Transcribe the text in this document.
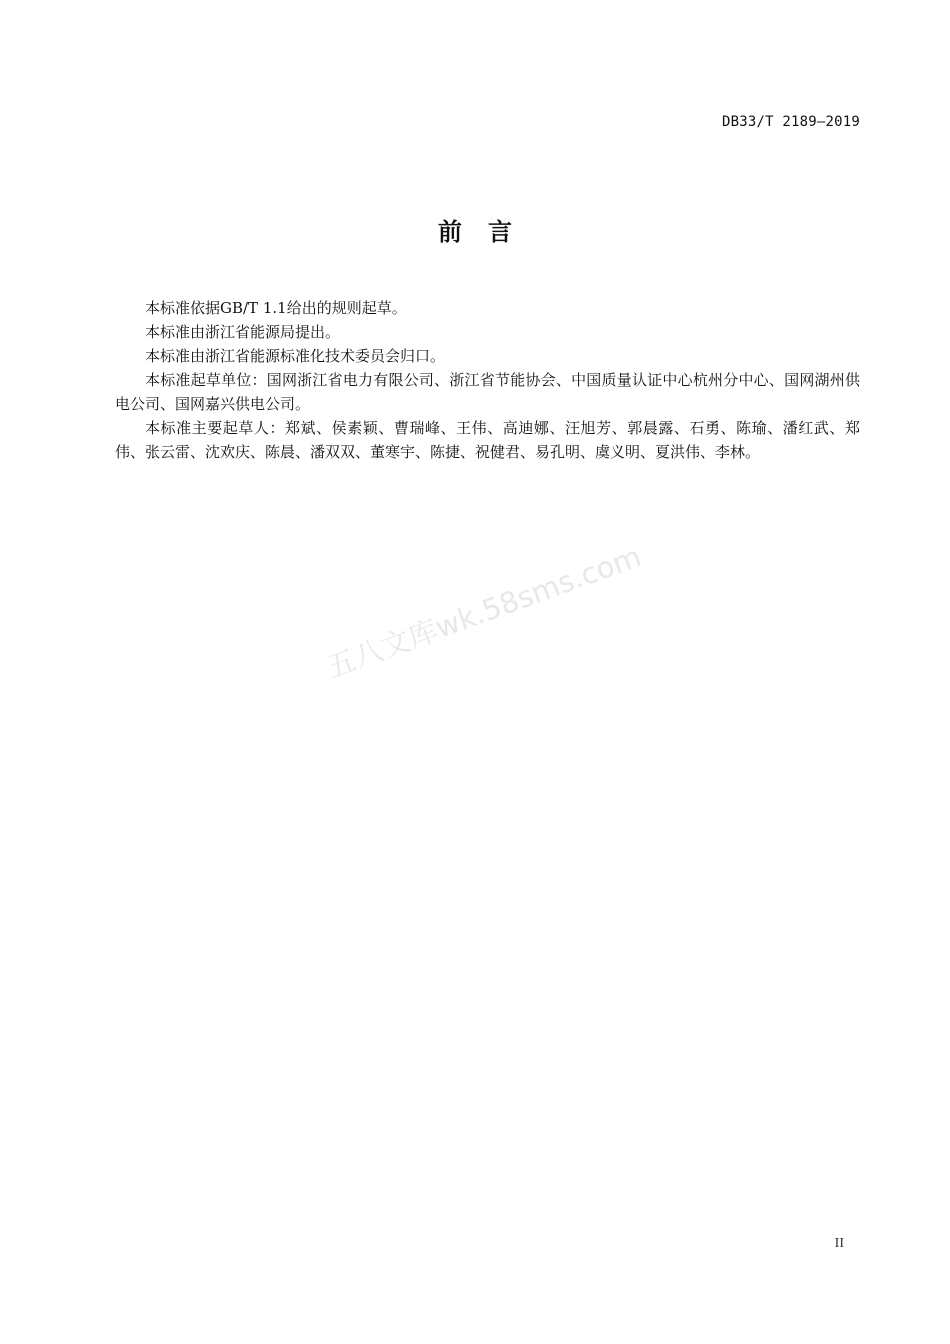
DB33/T 2189—2019
前言

本标准依据GB/T 1.1给出的规则起草。

本标准由浙江省能源局提出。

本标准由浙江省能源标准化技术委员会归口。

本标准起草单位：国网浙江省电力有限公司、浙江省节能协会、中国质量认证中心杭州分中心、国网湖州供电公司、国网嘉兴供电公司。

本标准主要起草人：郑斌、侯素颖、曹瑞峰、王伟、高迪娜、汪旭芳、郭晨露、石勇、陈瑜、潘红武、郑伟、张云雷、沈欢庆、陈晨、潘双双、董寒宇、陈捷、祝健君、易孔明、虞义明、夏洪伟、李林。

五八文库wk.58sms.com
II
